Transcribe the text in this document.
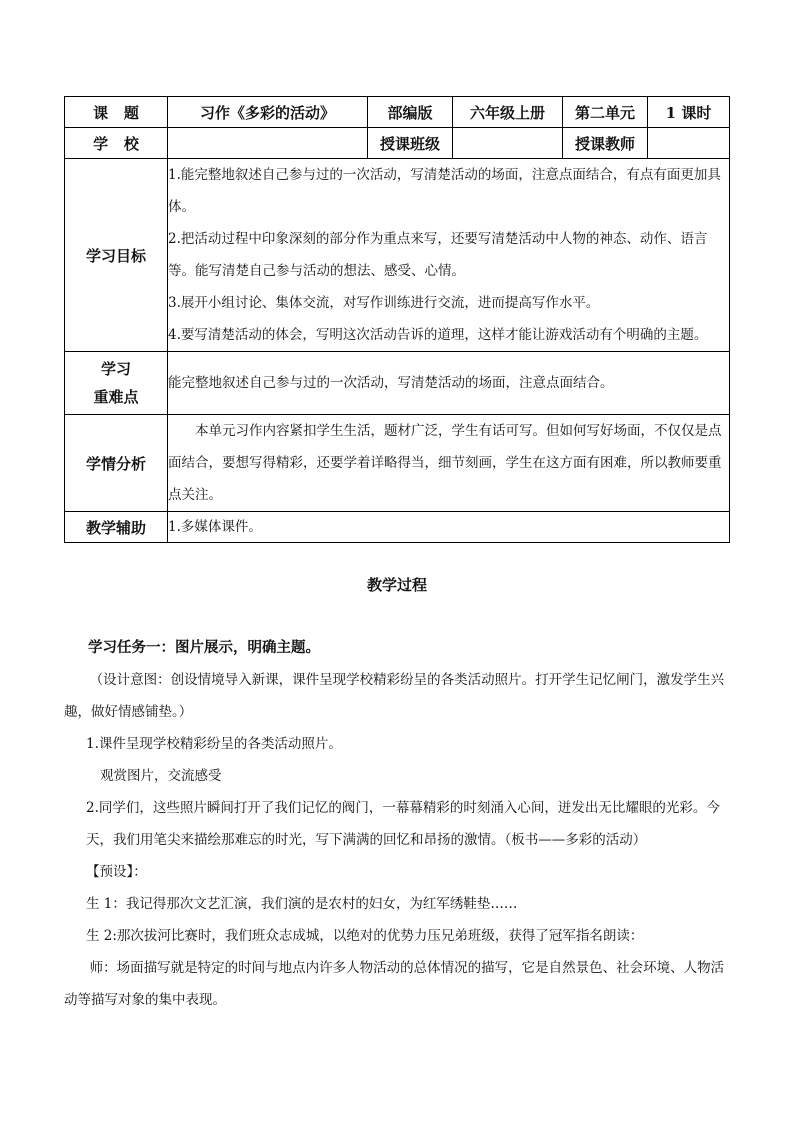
课   题	习作《多彩的活动》	部编版	六年级上册	第二单元	1 课时
学   校		授课班级		授课教师	
学习目标	1.能完整地叙述自己参与过的一次活动，写清楚活动的场面，注意点面结合，有点有面更加具体。

2.把活动过程中印象深刻的部分作为重点来写，还要写清楚活动中人物的神态、动作、语言等。能写清楚自己参与活动的想法、感受、心情。

3.展开小组讨论、集体交流，对写作训练进行交流，进而提高写作水平。

4.要写清楚活动的体会，写明这次活动告诉的道理，这样才能让游戏活动有个明确的主题。				

学习
重难点	能完整地叙述自己参与过的一次活动，写清楚活动的场面，注意点面结合。				

学情分析	本单元习作内容紧扣学生生活，题材广泛，学生有话可写。但如何写好场面，不仅仅是点面结合，要想写得精彩，还要学着详略得当，细节刻画，学生在这方面有困难，所以教师要重点关注。				

教学辅助	1.多媒体课件。				

教学过程

学习任务一：图片展示，明确主题。

（设计意图：创设情境导入新课，课件呈现学校精彩纷呈的各类活动照片。打开学生记忆闸门，激发学生兴趣，做好情感铺垫。）

1.课件呈现学校精彩纷呈的各类活动照片。

观赏图片，交流感受

2.同学们，这些照片瞬间打开了我们记忆的阀门，一幕幕精彩的时刻涌入心间，迸发出无比耀眼的光彩。今天，我们用笔尖来描绘那难忘的时光，写下满满的回忆和昂扬的激情。（板书——多彩的活动）

【预设】：

生 1：我记得那次文艺汇演，我们演的是农村的妇女，为红军绣鞋垫……

生 2:那次拔河比赛时，我们班众志成城，以绝对的优势力压兄弟班级，获得了冠军指名朗读：

师：场面描写就是特定的时间与地点内许多人物活动的总体情况的描写，它是自然景色、社会环境、人物活动等描写对象的集中表现。
